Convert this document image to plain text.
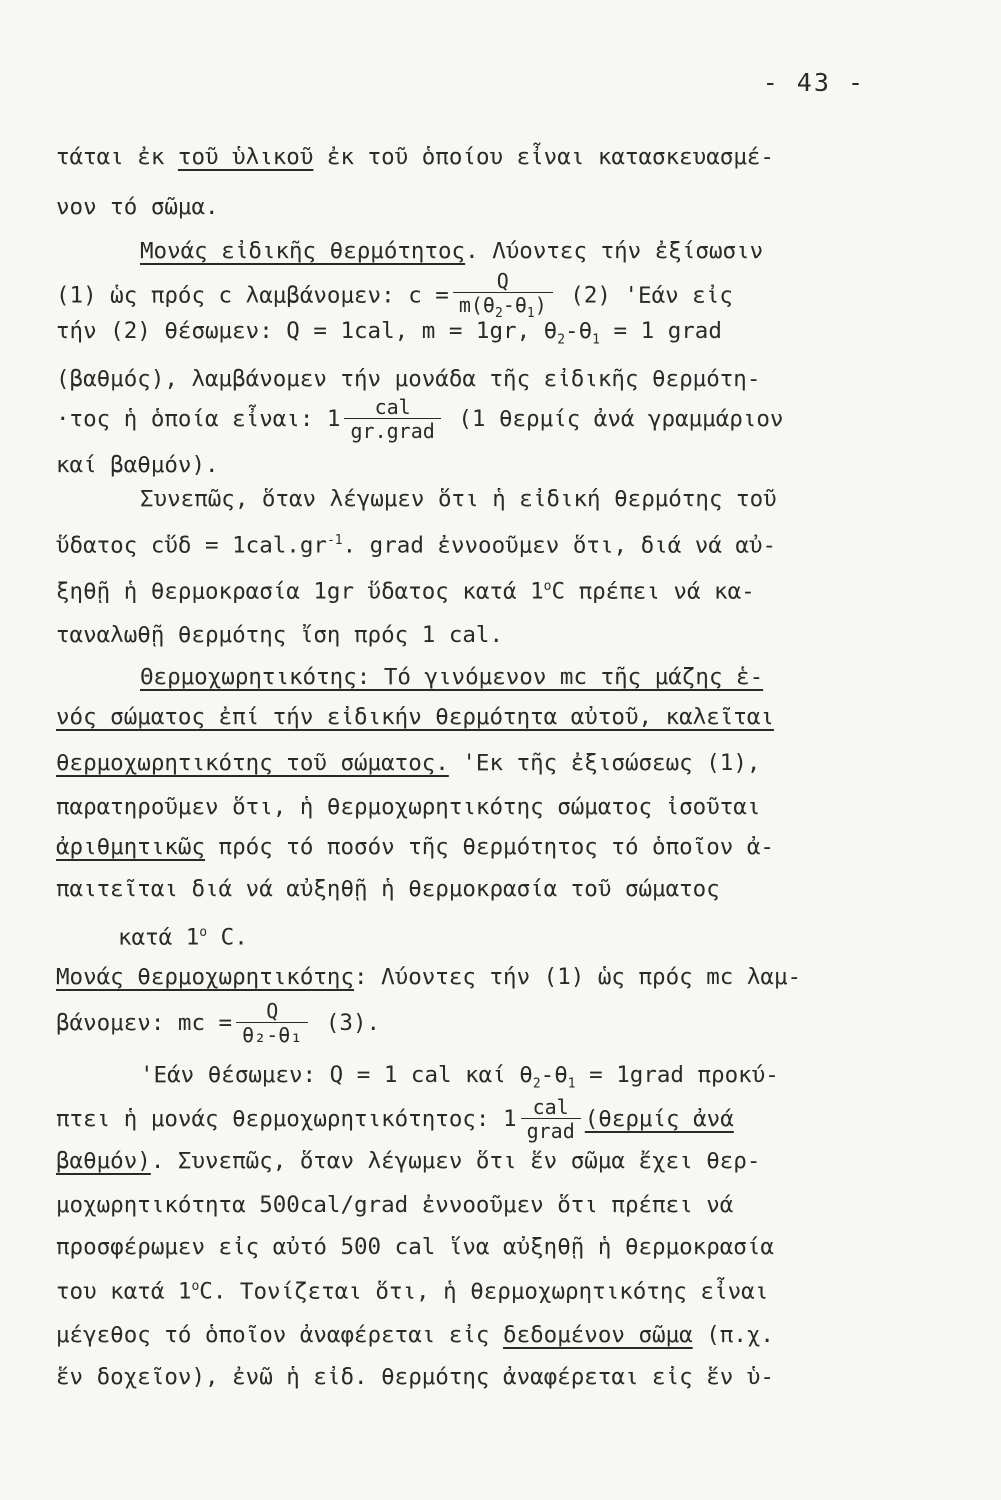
- 43 -
τάται ἐκ τοῦ ὑλικοῦ ἐκ τοῦ ὁποίου εἶναι κατασκευασμέ-
νον τό σῶμα.
Μονάς εἰδικῆς θερμότητος. Λύοντες τήν ἐξίσωσιν
(1) ὡς πρός c λαμβάνομεν: $c = \frac{Q}{m(\theta_2-\theta_1)} (2)$ 'Εάν εἰς
τήν (2) θέσωμεν: Q = 1cal, m = 1gr, $\theta_2-\theta_1 = 1$ grad
(βαθμός), λαμβάνομεν τήν μονάδα τῆς εἰδικῆς θερμότη-
·τος ἡ ὁποία εἶναι: $1 \frac{\text{cal}}{\text{gr.grad}} (1$ θερμίς ἀνά γραμμάριον
καί βαθμόν).
Συνεπῶς, ὅταν λέγωμεν ὅτι ἡ εἰδική θερμότης τοῦ
ὕδατος cὕδ = $1cal.gr^{-1}$. grad ἐννοοῦμεν ὅτι, διά νά αὐ-
ξηθῇ ἡ θερμοκρασία 1gr ὕδατος κατά 1$^o$C πρέπει νά κα-
ταναλωθῇ θερμότης ἴση πρός 1 cal.
Θερμοχωρητικότης: Τό γινόμενον mc τῆς μάζης ἑ-
νός σώματος ἐπί τήν εἰδικήν θερμότητα αὐτοῦ, καλεῖται
θερμοχωρητικότης τοῦ σώματος. 'Εκ τῆς ἐξισώσεως (1),
παρατηροῦμεν ὅτι, ἡ θερμοχωρητικότης σώματος ἰσοῦται
ἀριθμητικῶς πρός τό ποσόν τῆς θερμότητος τό ὁποῖον ἀ-
παιτεῖται διά νά αὐξηθῇ ἡ θερμοκρασία τοῦ σώματος
κατά 1$^o$ C.
Μονάς θερμοχωρητικότης: Λύοντες τήν (1) ὡς πρός mc λαμ-
βάνομεν: mc = $\frac{Q}{\text{θ₂-θ₁}} (3)$.
'Εάν θέσωμεν: Q = 1 cal καί $\theta_2-\theta_1$ = 1grad προκύ-
πτει ἡ μονάς θερμοχωρητικότητος: $1 \frac{\text{cal}}{\text{grad}} (\theta\varepsilon\rho\mu ί\varsigma$ ἀνά
βαθμόν). Συνεπῶς, ὅταν λέγωμεν ὅτι ἕν σῶμα ἔχει θερ-
μοχωρητικότητα 500cal/grad ἐννοοῦμεν ὅτι πρέπει νά
προσφέρωμεν εἰς αὐτό 500 cal ἵνα αὐξηθῇ ἡ θερμοκρασία
του κατά 1$^o$C. Τονίζεται ὅτι, ἡ θερμοχωρητικότης εἶναι
μέγεθος τό ὁποῖον ἀναφέρεται εἰς δεδομένον σῶμα (π.χ.
ἕν δοχεῖον), ἐνῶ ἡ εἰδ. θερμότης ἀναφέρεται εἰς ἕν ὑ-
